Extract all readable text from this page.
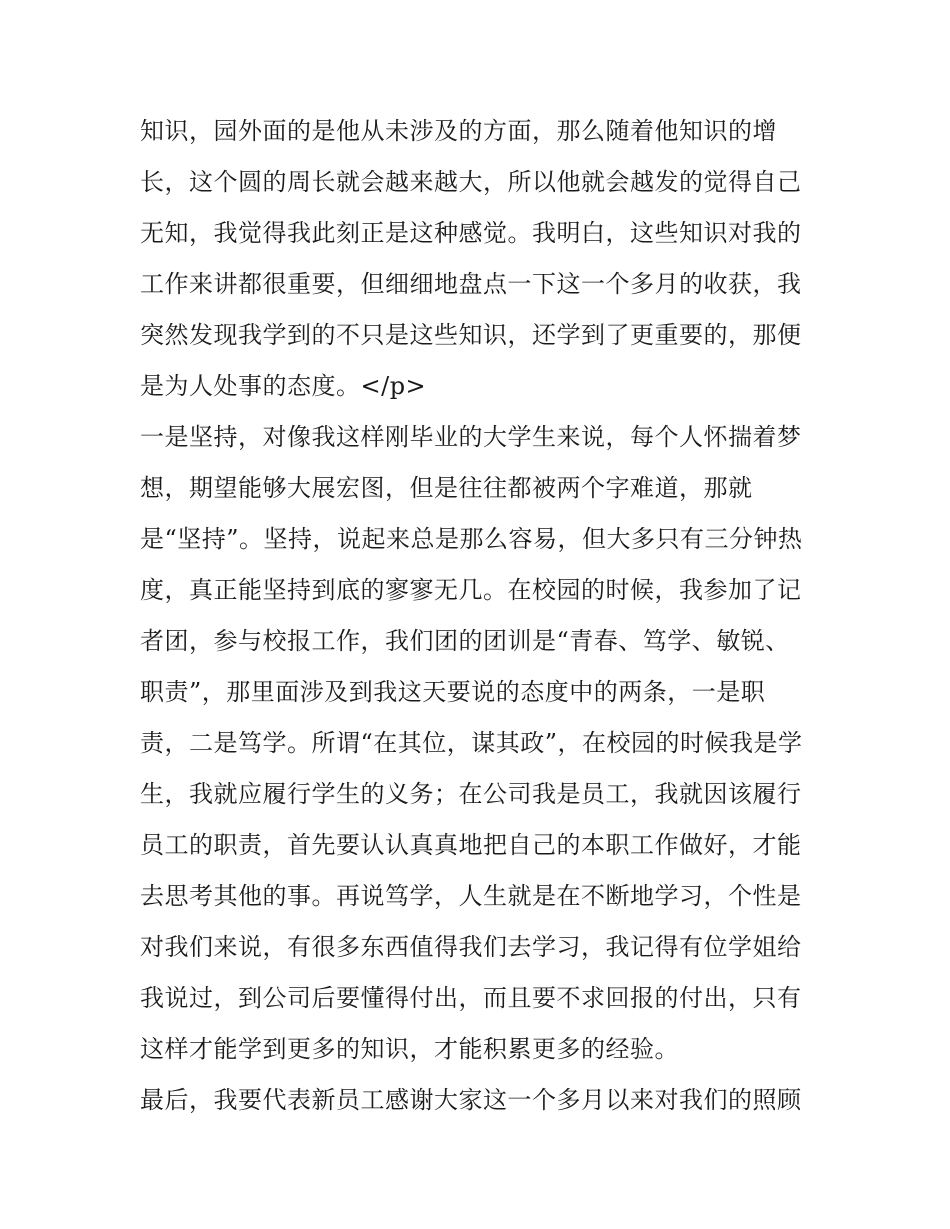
知识，园外面的是他从未涉及的方面，那么随着他知识的增
长，这个圆的周长就会越来越大，所以他就会越发的觉得自己
无知，我觉得我此刻正是这种感觉。我明白，这些知识对我的
工作来讲都很重要，但细细地盘点一下这一个多月的收获，我
突然发现我学到的不只是这些知识，还学到了更重要的，那便
是为人处事的态度。</p>
一是坚持，对像我这样刚毕业的大学生来说，每个人怀揣着梦
想，期望能够大展宏图，但是往往都被两个字难道，那就
是“坚持”。坚持，说起来总是那么容易，但大多只有三分钟热
度，真正能坚持到底的寥寥无几。在校园的时候，我参加了记
者团，参与校报工作，我们团的团训是“青春、笃学、敏锐、
职责”，那里面涉及到我这天要说的态度中的两条，一是职
责，二是笃学。所谓“在其位，谋其政”，在校园的时候我是学
生，我就应履行学生的义务；在公司我是员工，我就因该履行
员工的职责，首先要认认真真地把自己的本职工作做好，才能
去思考其他的事。再说笃学，人生就是在不断地学习，个性是
对我们来说，有很多东西值得我们去学习，我记得有位学姐给
我说过，到公司后要懂得付出，而且要不求回报的付出，只有
这样才能学到更多的知识，才能积累更多的经验。
最后，我要代表新员工感谢大家这一个多月以来对我们的照顾
